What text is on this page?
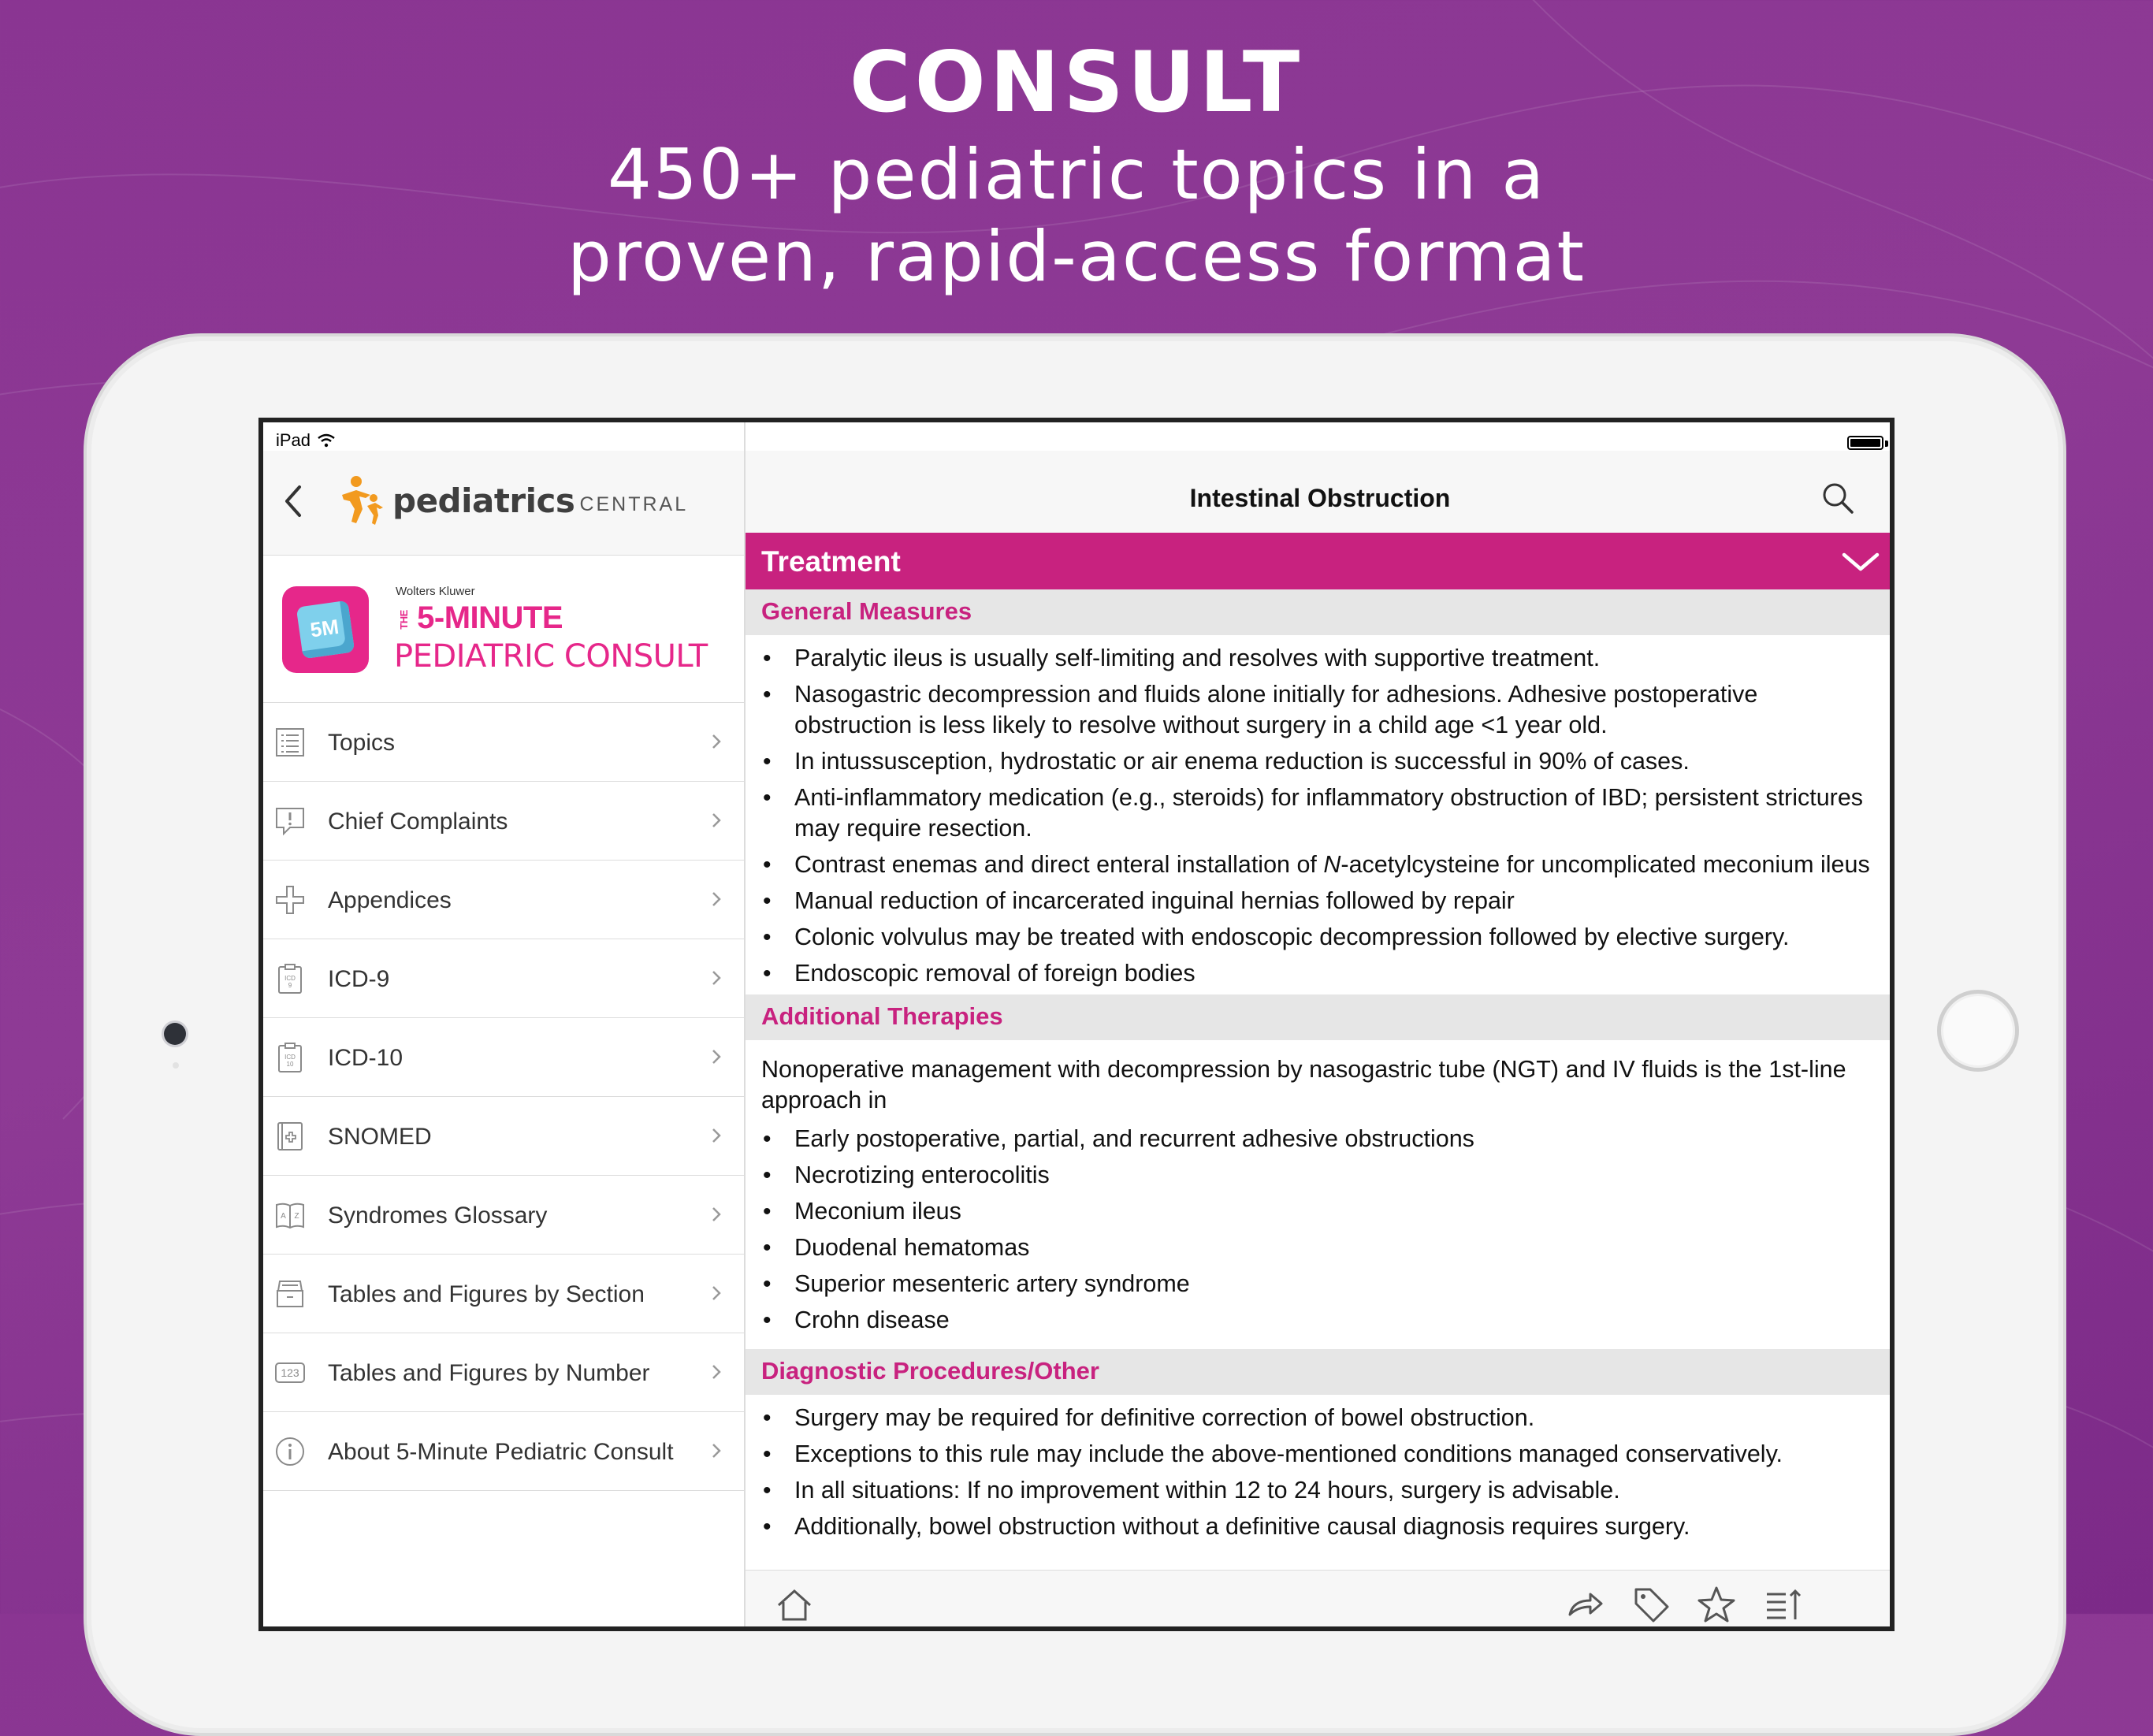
CONSULT
450+ pediatric topics in a
proven, rapid-access format
pediatrics CENTRAL
iPad
5M
Wolters Kluwer
THE 5-MINUTE
PEDIATRIC CONSULT
Topics
Chief Complaints
Appendices
ICD
9 ICD-9
ICD
10 ICD-10
SNOMED
A Z Syndromes Glossary
Tables and Figures by Section
123 Tables and Figures by Number
About 5-Minute Pediatric Consult
Intestinal Obstruction
Treatment
General Measures
• Paralytic ileus is usually self-limiting and resolves with supportive treatment.
• Nasogastric decompression and fluids alone initially for adhesions. Adhesive postoperative obstruction is less likely to resolve without surgery in a child age <1 year old.
• In intussusception, hydrostatic or air enema reduction is successful in 90% of cases.
• Anti-inflammatory medication (e.g., steroids) for inflammatory obstruction of IBD; persistent strictures may require resection.
• Contrast enemas and direct enteral installation of N-acetylcysteine for uncomplicated meconium ileus
• Manual reduction of incarcerated inguinal hernias followed by repair
• Colonic volvulus may be treated with endoscopic decompression followed by elective surgery.
• Endoscopic removal of foreign bodies
Additional Therapies

Nonoperative management with decompression by nasogastric tube (NGT) and IV fluids is the 1st-line approach in

• Early postoperative, partial, and recurrent adhesive obstructions
• Necrotizing enterocolitis
• Meconium ileus
• Duodenal hematomas
• Superior mesenteric artery syndrome
• Crohn disease
Diagnostic Procedures/Other
• Surgery may be required for definitive correction of bowel obstruction.
• Exceptions to this rule may include the above-mentioned conditions managed conservatively.
• In all situations: If no improvement within 12 to 24 hours, surgery is advisable.
• Additionally, bowel obstruction without a definitive causal diagnosis requires surgery.
